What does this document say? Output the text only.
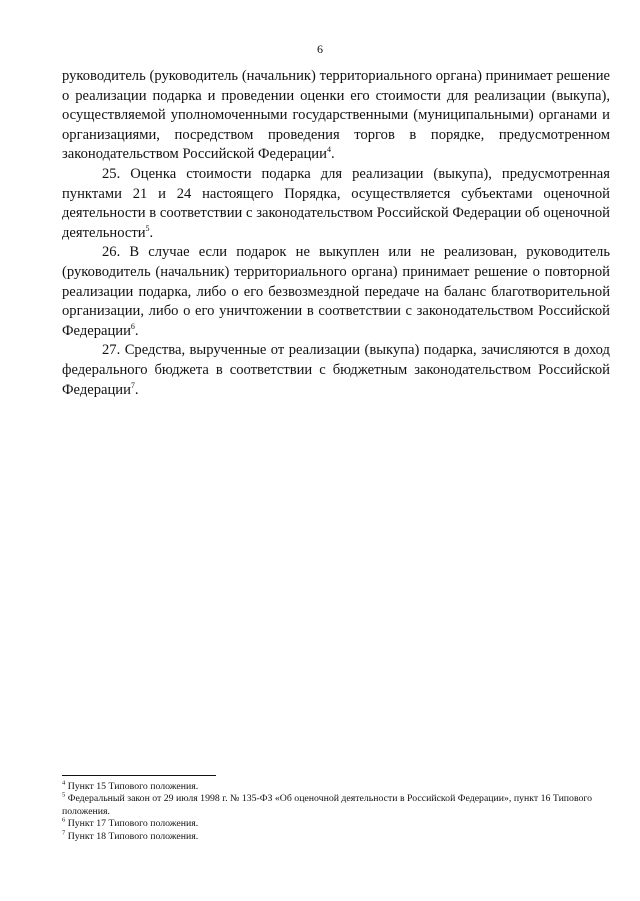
6

руководитель (руководитель (начальник) территориального органа) принимает решение о реализации подарка и проведении оценки его стоимости для реализации (выкупа), осуществляемой уполномоченными государственными (муниципальными) органами и организациями, посредством проведения торгов в порядке, предусмотренном законодательством Российской Федерации$^4$.

25. Оценка стоимости подарка для реализации (выкупа), предусмотренная пунктами 21 и 24 настоящего Порядка, осуществляется субъектами оценочной деятельности в соответствии с законодательством Российской Федерации об оценочной деятельности$^5$.

26. В случае если подарок не выкуплен или не реализован, руководитель (руководитель (начальник) территориального органа) принимает решение о повторной реализации подарка, либо о его безвозмездной передаче на баланс благотворительной организации, либо о его уничтожении в соответствии с законодательством Российской Федерации$^6$.

27. Средства, вырученные от реализации (выкупа) подарка, зачисляются в доход федерального бюджета в соответствии с бюджетным законодательством Российской Федерации$^7$.

$^4$ Пункт 15 Типового положения.

$^5$ Федеральный закон от 29 июля 1998 г. № 135-ФЗ «Об оценочной деятельности в Российской Федерации», пункт 16 Типового положения.

$^6$ Пункт 17 Типового положения.

$^7$ Пункт 18 Типового положения.
